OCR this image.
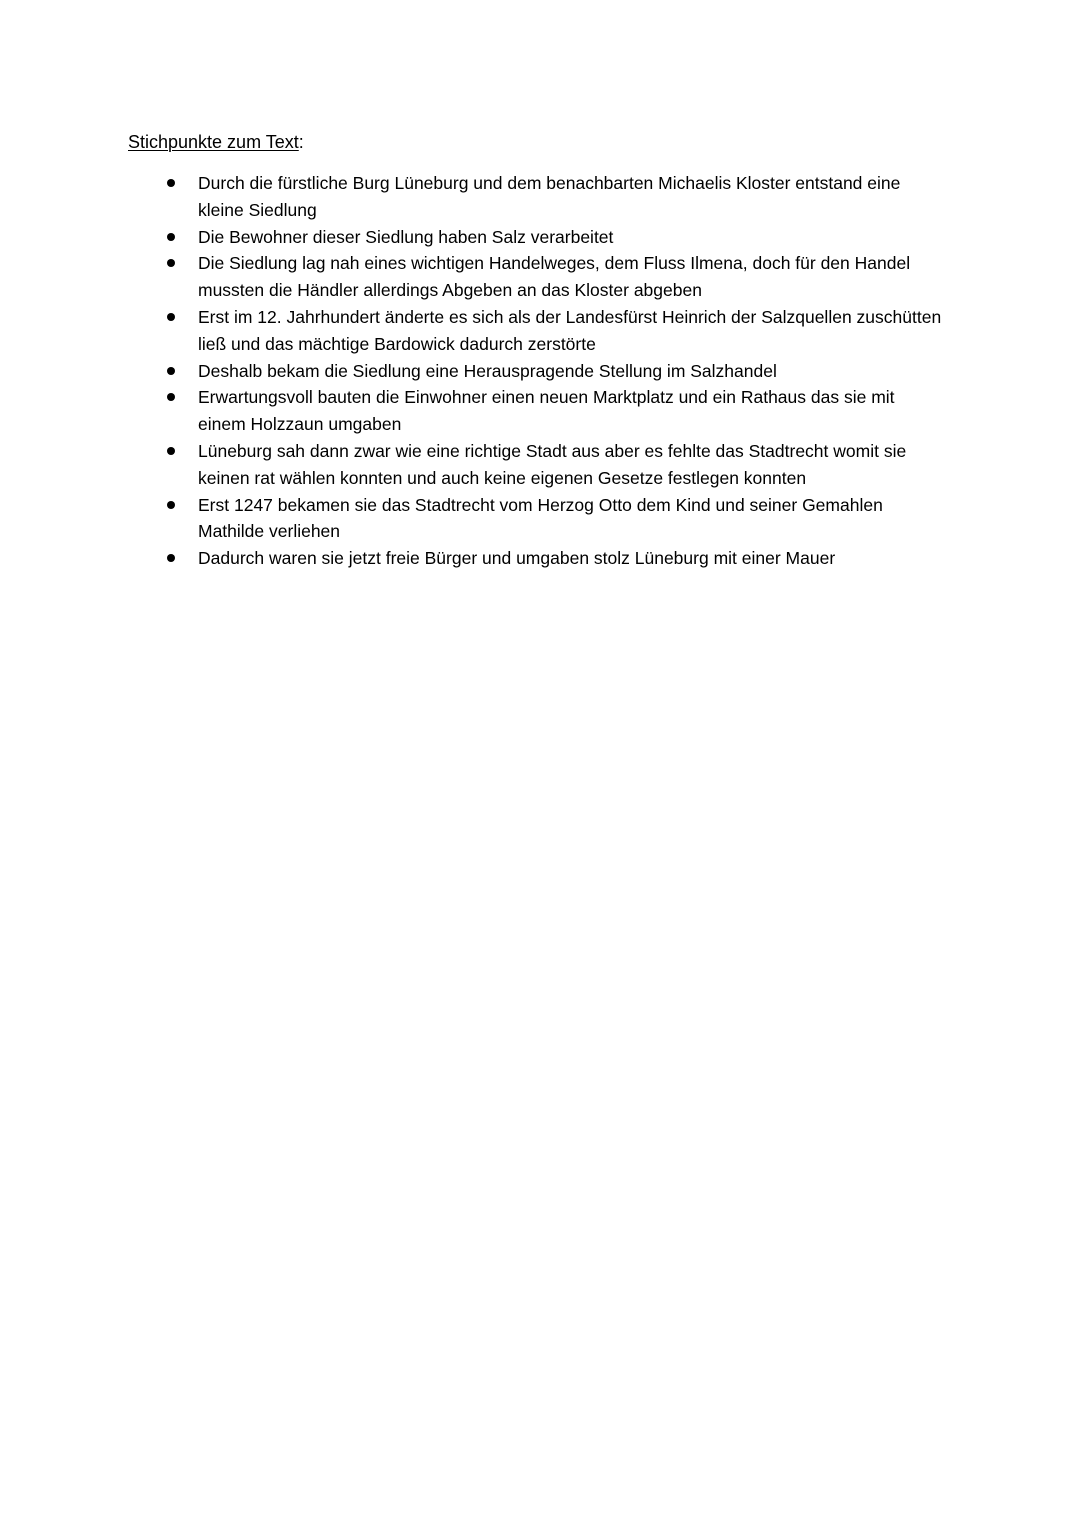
Stichpunkte zum Text:
Durch die fürstliche Burg Lüneburg und dem benachbarten Michaelis Kloster entstand eine kleine Siedlung
Die Bewohner dieser Siedlung haben Salz verarbeitet
Die Siedlung lag nah eines wichtigen Handelweges, dem Fluss Ilmena, doch für den Handel mussten die Händler allerdings Abgeben an das Kloster abgeben
Erst im 12. Jahrhundert änderte es sich als der Landesfürst Heinrich der Salzquellen zuschütten ließ und das mächtige Bardowick dadurch zerstörte
Deshalb bekam die Siedlung eine Herauspragende Stellung im Salzhandel
Erwartungsvoll bauten die Einwohner einen neuen Marktplatz und ein Rathaus das sie mit einem Holzzaun umgaben
Lüneburg sah dann zwar wie eine richtige Stadt aus aber es fehlte das Stadtrecht womit sie keinen rat wählen konnten und auch keine eigenen Gesetze festlegen konnten
Erst 1247 bekamen sie das Stadtrecht vom Herzog Otto dem Kind und seiner Gemahlen Mathilde verliehen
Dadurch waren sie jetzt freie Bürger und umgaben stolz Lüneburg mit einer Mauer
